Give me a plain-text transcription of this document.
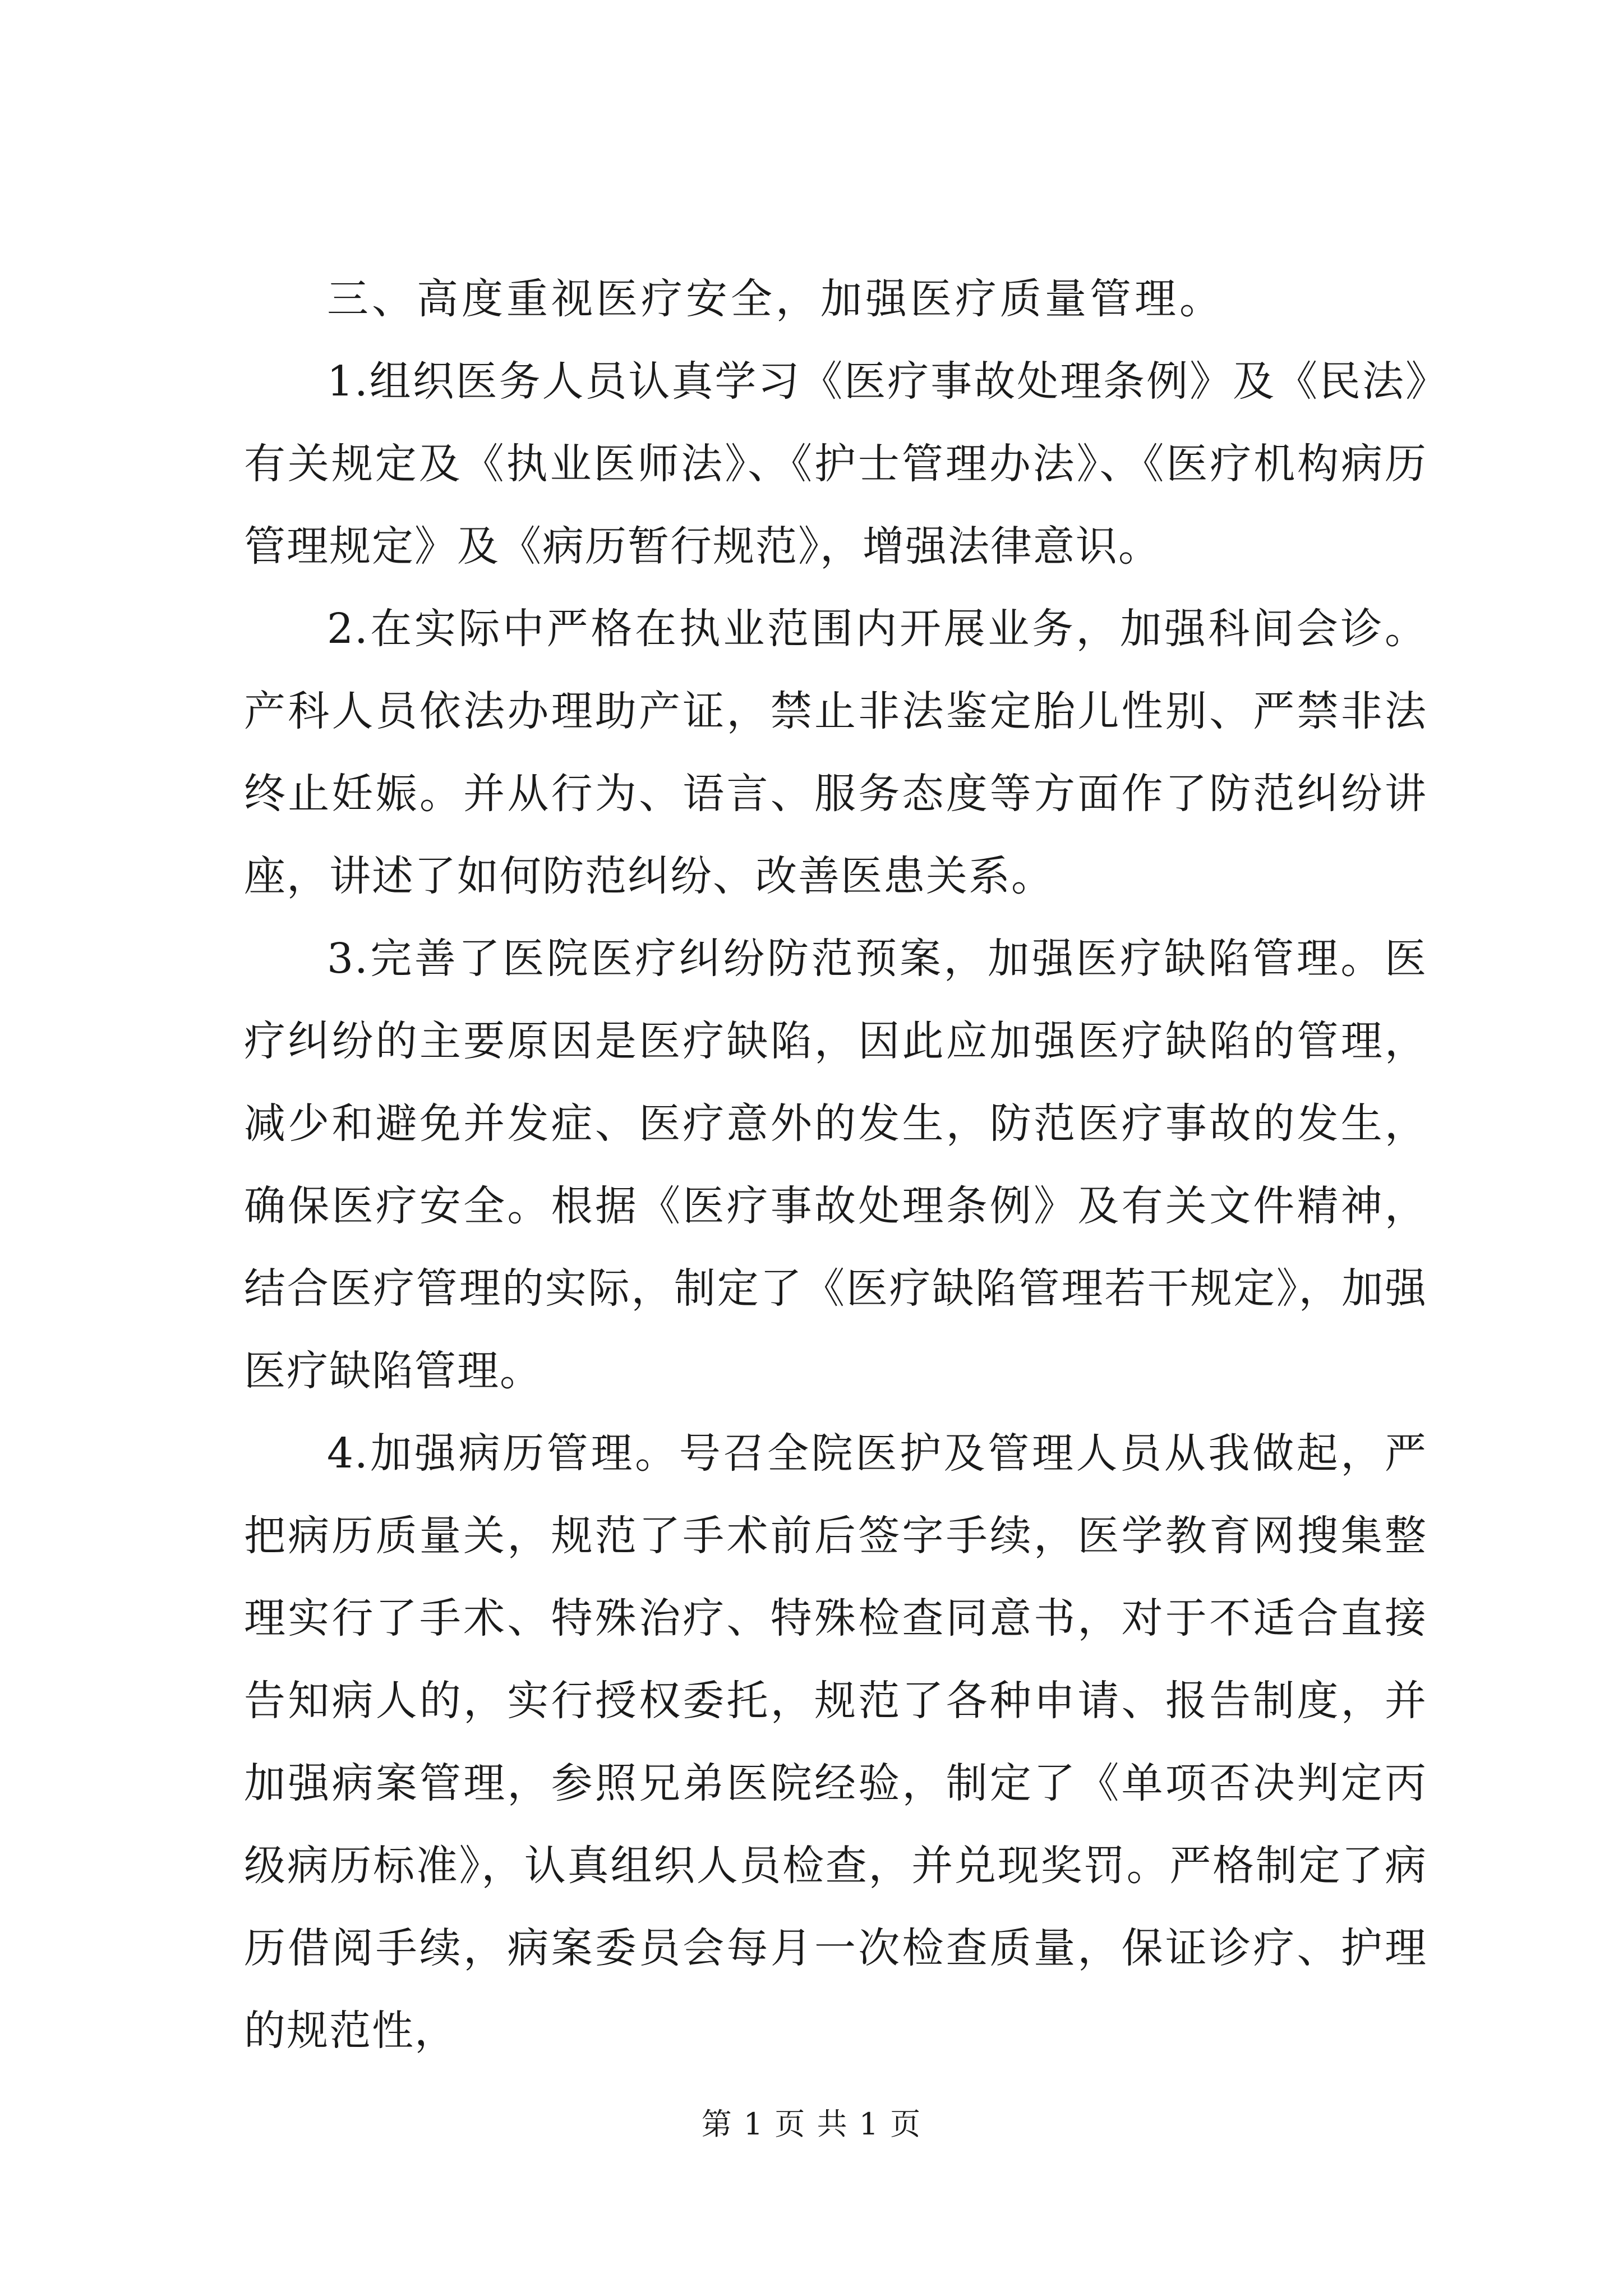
三、高度重视医疗安全，加强医疗质量管理。

1.组织医务人员认真学习《医疗事故处理条例》及《民法》有关规定及《执业医师法》、《护士管理办法》、《医疗机构病历管理规定》及《病历暂行规范》，增强法律意识。

2.在实际中严格在执业范围内开展业务，加强科间会诊。产科人员依法办理助产证，禁止非法鉴定胎儿性别、严禁非法终止妊娠。并从行为、语言、服务态度等方面作了防范纠纷讲座，讲述了如何防范纠纷、改善医患关系。

3.完善了医院医疗纠纷防范预案，加强医疗缺陷管理。医疗纠纷的主要原因是医疗缺陷，因此应加强医疗缺陷的管理，减少和避免并发症、医疗意外的发生，防范医疗事故的发生，确保医疗安全。根据《医疗事故处理条例》及有关文件精神，结合医疗管理的实际，制定了《医疗缺陷管理若干规定》，加强医疗缺陷管理。

4.加强病历管理。号召全院医护及管理人员从我做起，严把病历质量关，规范了手术前后签字手续，医学教育网搜集整理实行了手术、特殊治疗、特殊检查同意书，对于不适合直接告知病人的，实行授权委托，规范了各种申请、报告制度，并加强病案管理，参照兄弟医院经验，制定了《单项否决判定丙级病历标准》，认真组织人员检查，并兑现奖罚。严格制定了病历借阅手续，病案委员会每月一次检查质量，保证诊疗、护理的规范性，

第 1 页 共 1 页
